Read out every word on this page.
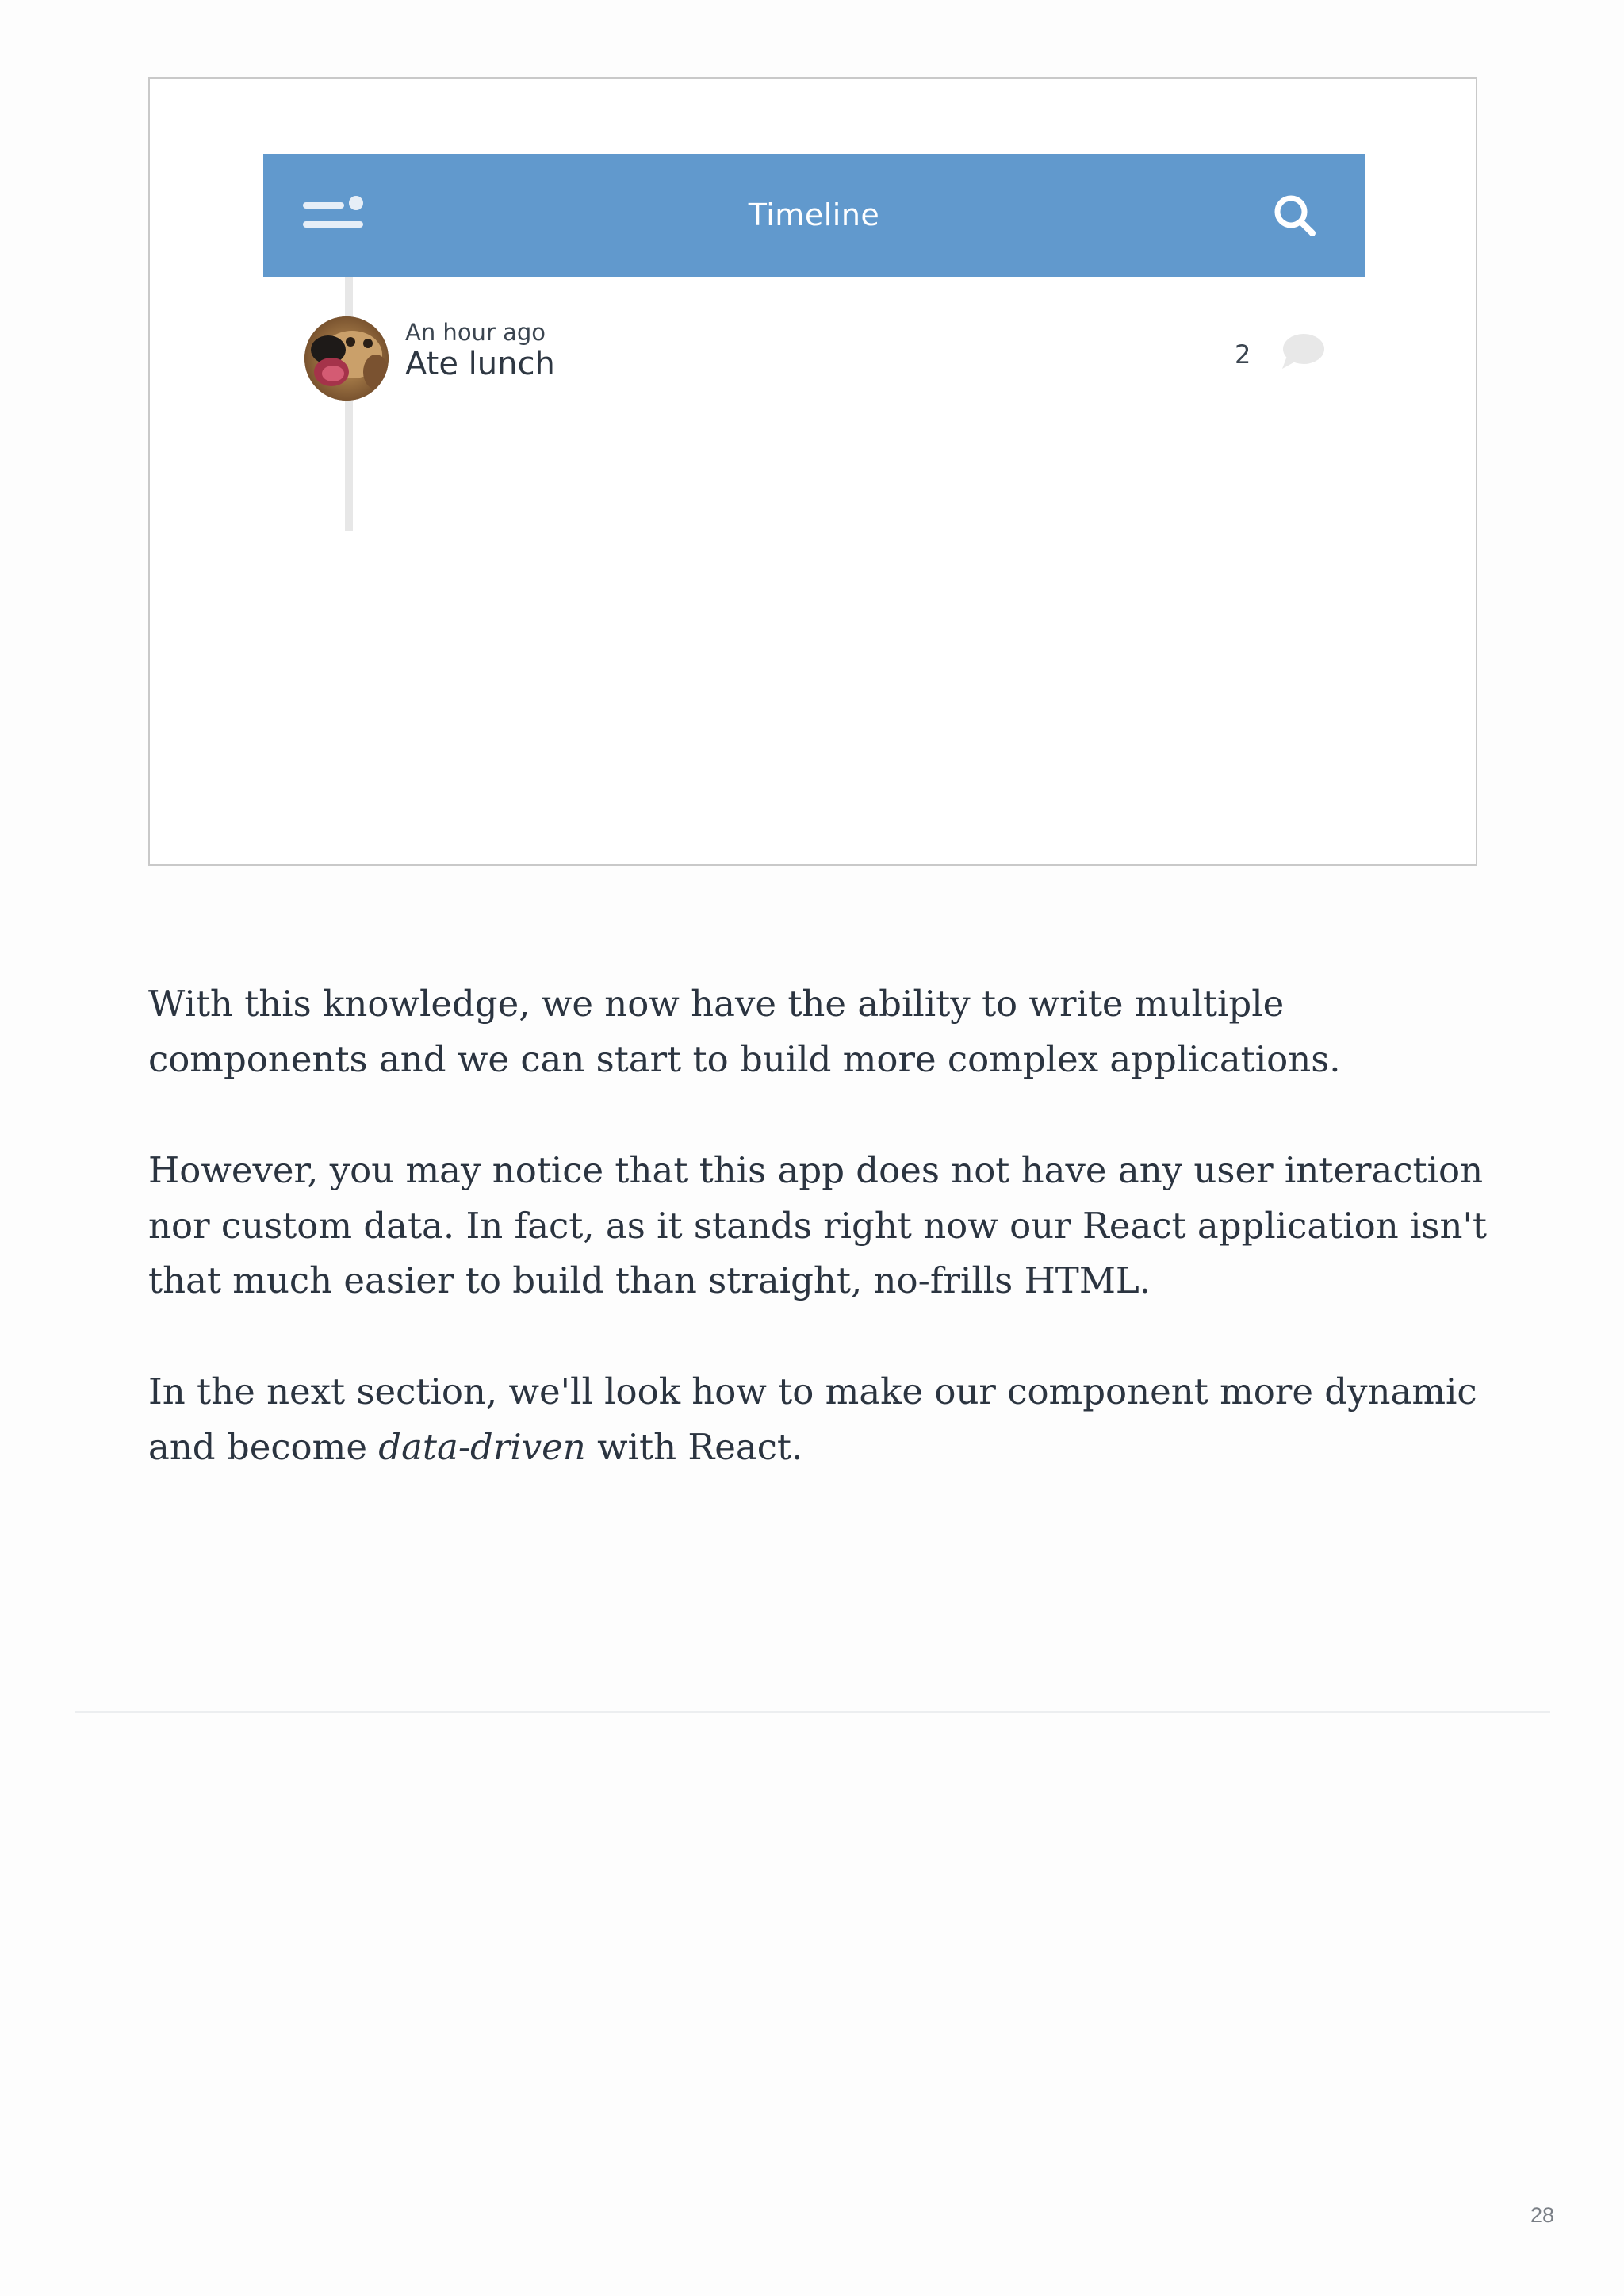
Timeline
An hour ago
Ate lunch	2

With this knowledge, we now have the ability to write multiple components and we can start to build more complex applications.

However, you may notice that this app does not have any user interaction nor custom data. In fact, as it stands right now our React application isn't that much easier to build than straight, no-frills HTML.

In the next section, we'll look how to make our component more dynamic and become data-driven with React.

28
